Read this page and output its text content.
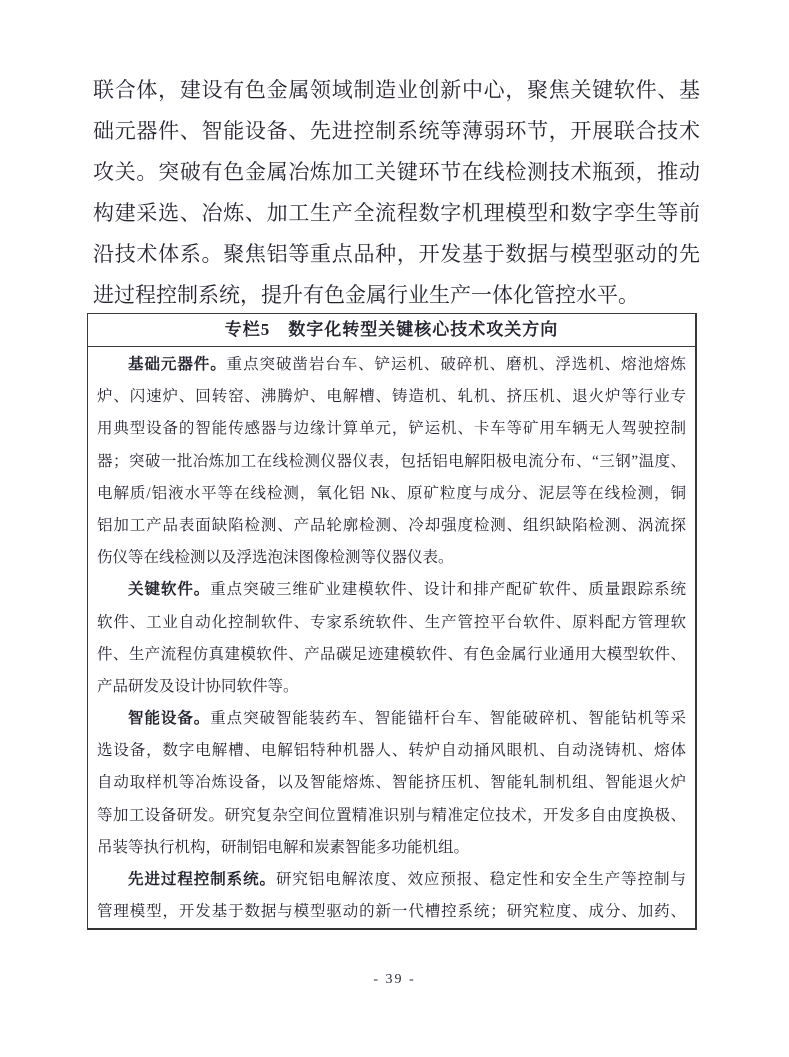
联合体，建设有色金属领域制造业创新中心，聚焦关键软件、基
础元器件、智能设备、先进控制系统等薄弱环节，开展联合技术
攻关。突破有色金属冶炼加工关键环节在线检测技术瓶颈，推动
构建采选、冶炼、加工生产全流程数字机理模型和数字孪生等前
沿技术体系。聚焦铝等重点品种，开发基于数据与模型驱动的先
进过程控制系统，提升有色金属行业生产一体化管控水平。
专栏5　数字化转型关键核心技术攻关方向
基础元器件。重点突破凿岩台车、铲运机、破碎机、磨机、浮选机、熔池熔炼
炉、闪速炉、回转窑、沸腾炉、电解槽、铸造机、轧机、挤压机、退火炉等行业专
用典型设备的智能传感器与边缘计算单元，铲运机、卡车等矿用车辆无人驾驶控制
器；突破一批冶炼加工在线检测仪器仪表，包括铝电解阳极电流分布、“三钢”温度、
电解质/铝液水平等在线检测，氧化铝 Nk、原矿粒度与成分、泥层等在线检测，铜
铝加工产品表面缺陷检测、产品轮廓检测、冷却强度检测、组织缺陷检测、涡流探
伤仪等在线检测以及浮选泡沫图像检测等仪器仪表。
关键软件。重点突破三维矿业建模软件、设计和排产配矿软件、质量跟踪系统
软件、工业自动化控制软件、专家系统软件、生产管控平台软件、原料配方管理软
件、生产流程仿真建模软件、产品碳足迹建模软件、有色金属行业通用大模型软件、
产品研发及设计协同软件等。
智能设备。重点突破智能装药车、智能锚杆台车、智能破碎机、智能钻机等采
选设备，数字电解槽、电解铝特种机器人、转炉自动捅风眼机、自动浇铸机、熔体
自动取样机等冶炼设备，以及智能熔炼、智能挤压机、智能轧制机组、智能退火炉
等加工设备研发。研究复杂空间位置精准识别与精准定位技术，开发多自由度换极、
吊装等执行机构，研制铝电解和炭素智能多功能机组。
先进过程控制系统。研究铝电解浓度、效应预报、稳定性和安全生产等控制与
管理模型，开发基于数据与模型驱动的新一代槽控系统；研究粒度、成分、加药、
- 39 -
